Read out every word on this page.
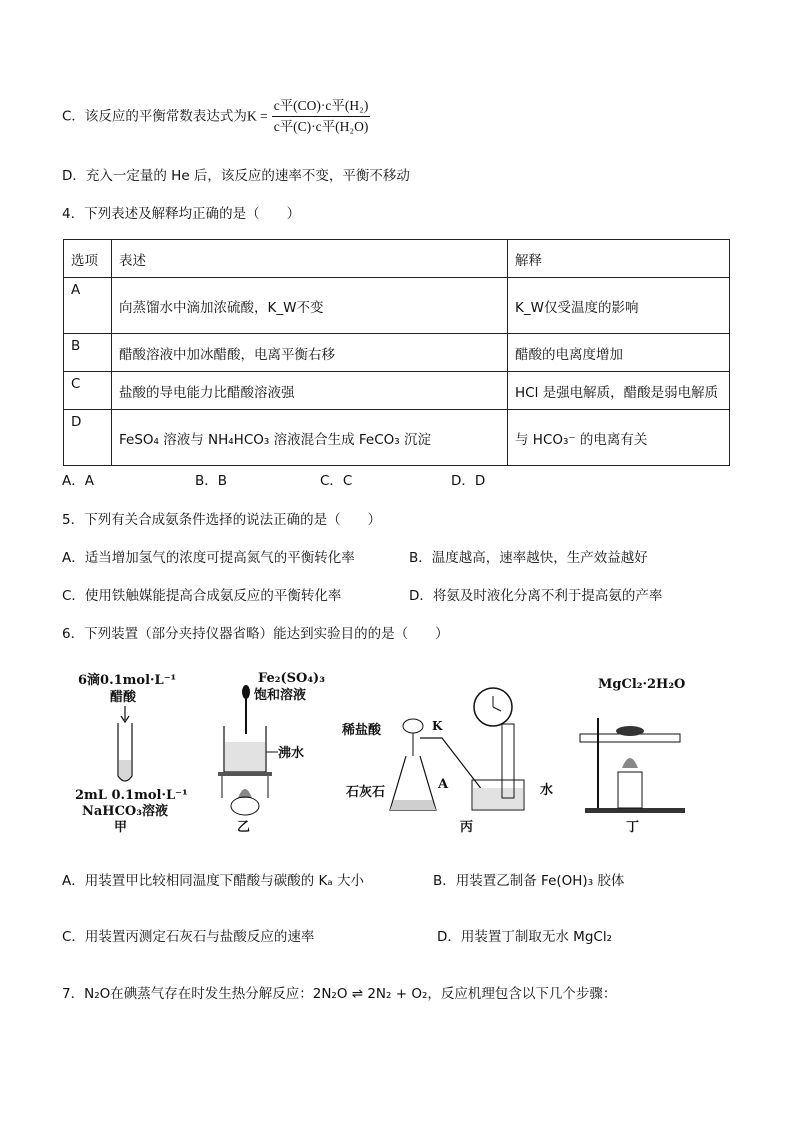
C．该反应的平衡常数表达式为$K = \frac{\text{c平(CO)·c平(H₂)}}{\text{c平(C)·c平(H₂O)}}$
D．充入一定量的 He 后，该反应的速率不变，平衡不移动
4．下列表述及解释均正确的是（　　）
选项	表述	解释
A	向蒸馏水中滴加浓硫酸，K_W不变	K_W仅受温度的影响
B	醋酸溶液中加冰醋酸，电离平衡右移	醋酸的电离度增加
C	盐酸的导电能力比醋酸溶液强	HCl 是强电解质，醋酸是弱电解质
D	FeSO₄ 溶液与 NH₄HCO₃ 溶液混合生成 FeCO₃ 沉淀	与 HCO₃⁻ 的电离有关
A．A	B．B	C．C	D．D
5．下列有关合成氨条件选择的说法正确的是（　　）
A．适当增加氢气的浓度可提高氮气的平衡转化率	B．温度越高，速率越快，生产效益越好
C．使用铁触媒能提高合成氨反应的平衡转化率	D．将氨及时液化分离不利于提高氨的产率
6．下列装置（部分夹持仪器省略）能达到实验目的的是（　　）
6滴0.1mol·L⁻¹
醋酸
2mL 0.1mol·L⁻¹
NaHCO₃溶液
甲
Fe₂(SO₄)₃
饱和溶液
沸水
乙
稀盐酸	K
A
石灰石	水
丙
MgCl₂·2H₂O
丁
A．用装置甲比较相同温度下醋酸与碳酸的 Kₐ 大小	B．用装置乙制备 Fe(OH)₃ 胶体
C．用装置丙测定石灰石与盐酸反应的速率	D．用装置丁制取无水 MgCl₂
7．N₂O在碘蒸气存在时发生热分解反应：2N₂O ⇌ 2N₂ + O₂，反应机理包含以下几个步骤：
